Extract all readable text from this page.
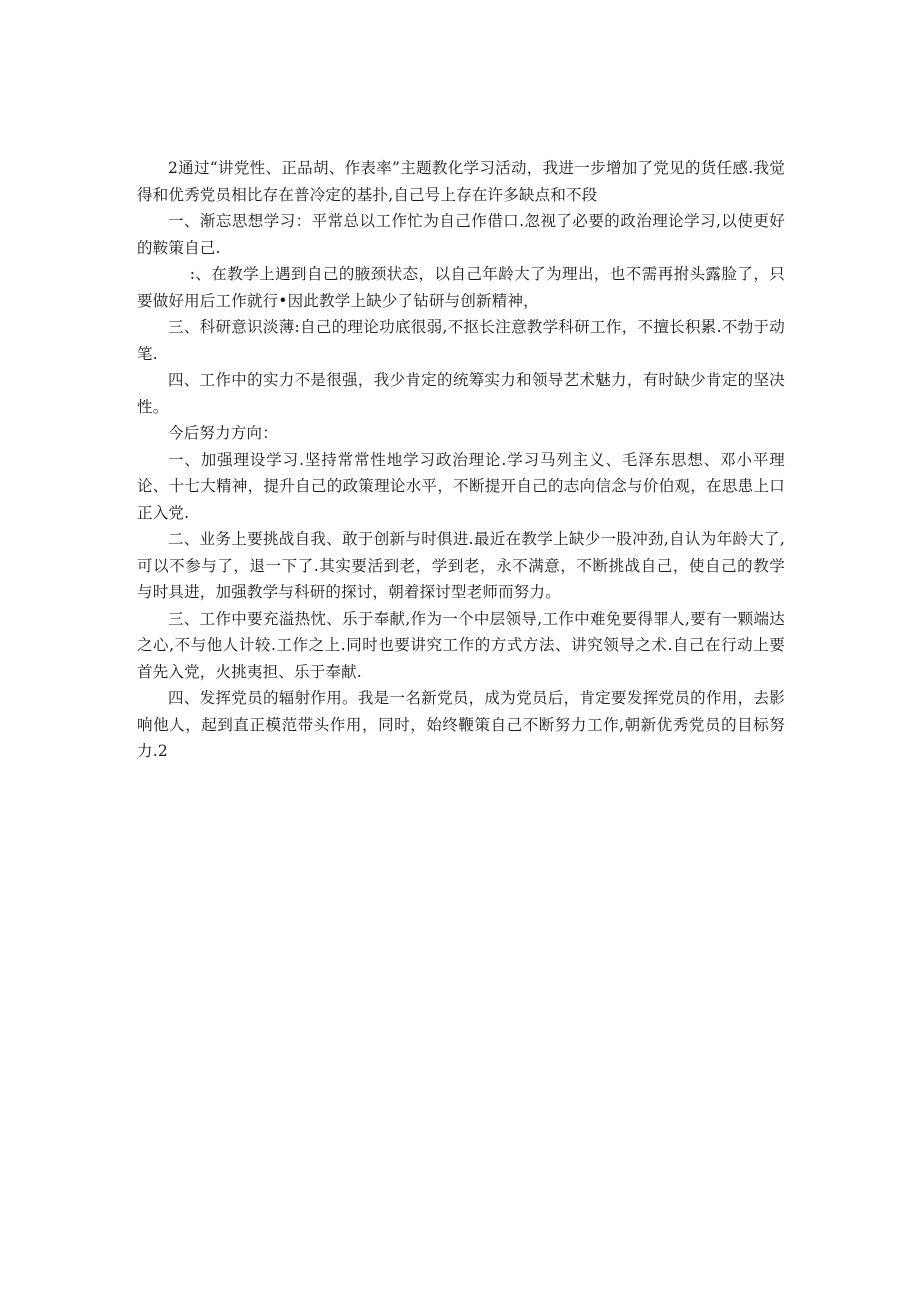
2通过“讲党性、正品胡、作表率”主题教化学习活动，我进一步增加了党见的货任感.我觉得和优秀党员相比存在普冷定的基扑,自己号上存在许多缺点和不段

一、渐忘思想学习：平常总以工作忙为自己作借口.忽视了必要的政治理论学习,以使更好的鞍策自己.

:、在教学上遇到自己的腋颈状态，以自己年龄大了为理出，也不需再拊头露脸了，只要做好用后工作就行•因此教学上缺少了钻研与创新精神，

三、科研意识淡薄:自己的理论功底很弱,不抠长注意教学科研工作，不擅长积累.不勃于动笔.

四、工作中的实力不是很强，我少肯定的统筹实力和领导艺术魅力，有时缺少肯定的坚决性。

今后努力方向：

一、加强理设学习.坚持常常性地学习政治理论.学习马列主义、毛泽东思想、邓小平理论、十七大精神，提升自己的政策理论水平，不断提开自己的志向信念与价伯观，在思患上口正入党.

二、业务上要挑战自我、敢于创新与时俱进.最近在教学上缺少一股冲劲,自认为年龄大了,可以不参与了，退一下了.其实要活到老，学到老，永不满意，不断挑战自己，使自己的教学与时具进，加强教学与科研的探讨，朝着探讨型老师而努力。

三、工作中要充溢热忱、乐于奉献,作为一个中层领导,工作中难免要得罪人,要有一颗端达之心,不与他人计较.工作之上.同时也要讲究工作的方式方法、讲究领导之术.自己在行动上要首先入党，火挑夷担、乐于奉献.

四、发挥党员的辐射作用。我是一名新党员，成为党员后，肯定要发挥党员的作用，去影响他人，起到直正模范带头作用，同时，始终鞭策自己不断努力工作,朝新优秀党员的目标努力.2
